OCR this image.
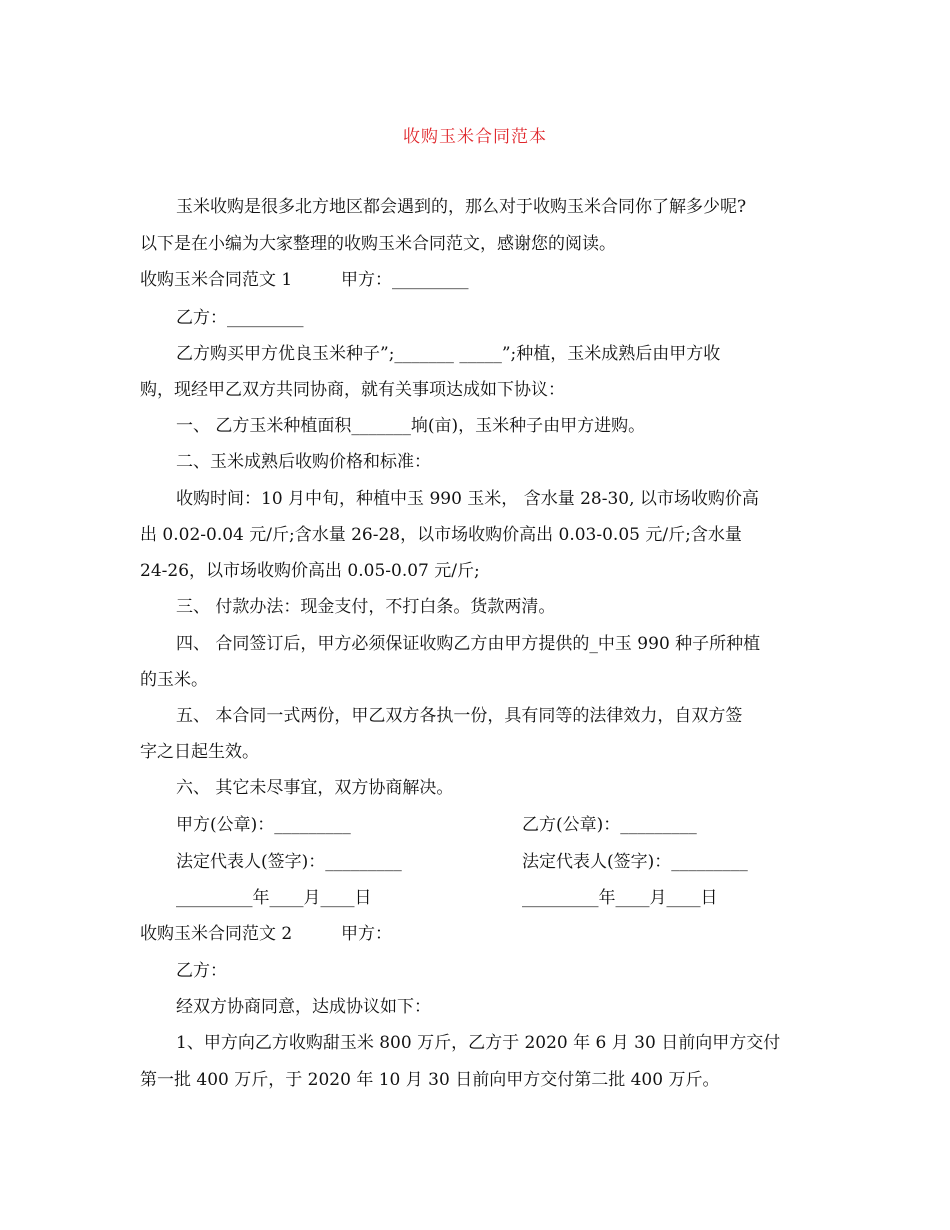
收购玉米合同范本
玉米收购是很多北方地区都会遇到的，那么对于收购玉米合同你了解多少呢?
以下是在小编为大家整理的收购玉米合同范文，感谢您的阅读。
收购玉米合同范文 1	甲方：_________
乙方：_________
乙方购买甲方优良玉米种子”;_______ _____”;种植，玉米成熟后由甲方收
购，现经甲乙双方共同协商，就有关事项达成如下协议：
一、 乙方玉米种植面积_______垧(亩)，玉米种子由甲方进购。
二、玉米成熟后收购价格和标准：
收购时间：10 月中旬，种植中玉 990 玉米， 含水量 28-30, 以市场收购价高
出 0.02-0.04 元/斤;含水量 26-28，以市场收购价高出 0.03-0.05 元/斤;含水量
24-26，以市场收购价高出 0.05-0.07 元/斤;
三、 付款办法：现金支付，不打白条。货款两清。
四、 合同签订后，甲方必须保证收购乙方由甲方提供的_中玉 990 种子所种植
的玉米。
五、 本合同一式两份，甲乙双方各执一份，具有同等的法律效力，自双方签
字之日起生效。
六、 其它未尽事宜，双方协商解决。
甲方(公章)：_________	乙方(公章)：_________
法定代表人(签字)：_________	法定代表人(签字)：_________
_________年____月____日	_________年____月____日
收购玉米合同范文 2	甲方：
乙方：
经双方协商同意，达成协议如下：
1、甲方向乙方收购甜玉米 800 万斤，乙方于 2020 年 6 月 30 日前向甲方交付
第一批 400 万斤，于 2020 年 10 月 30 日前向甲方交付第二批 400 万斤。
